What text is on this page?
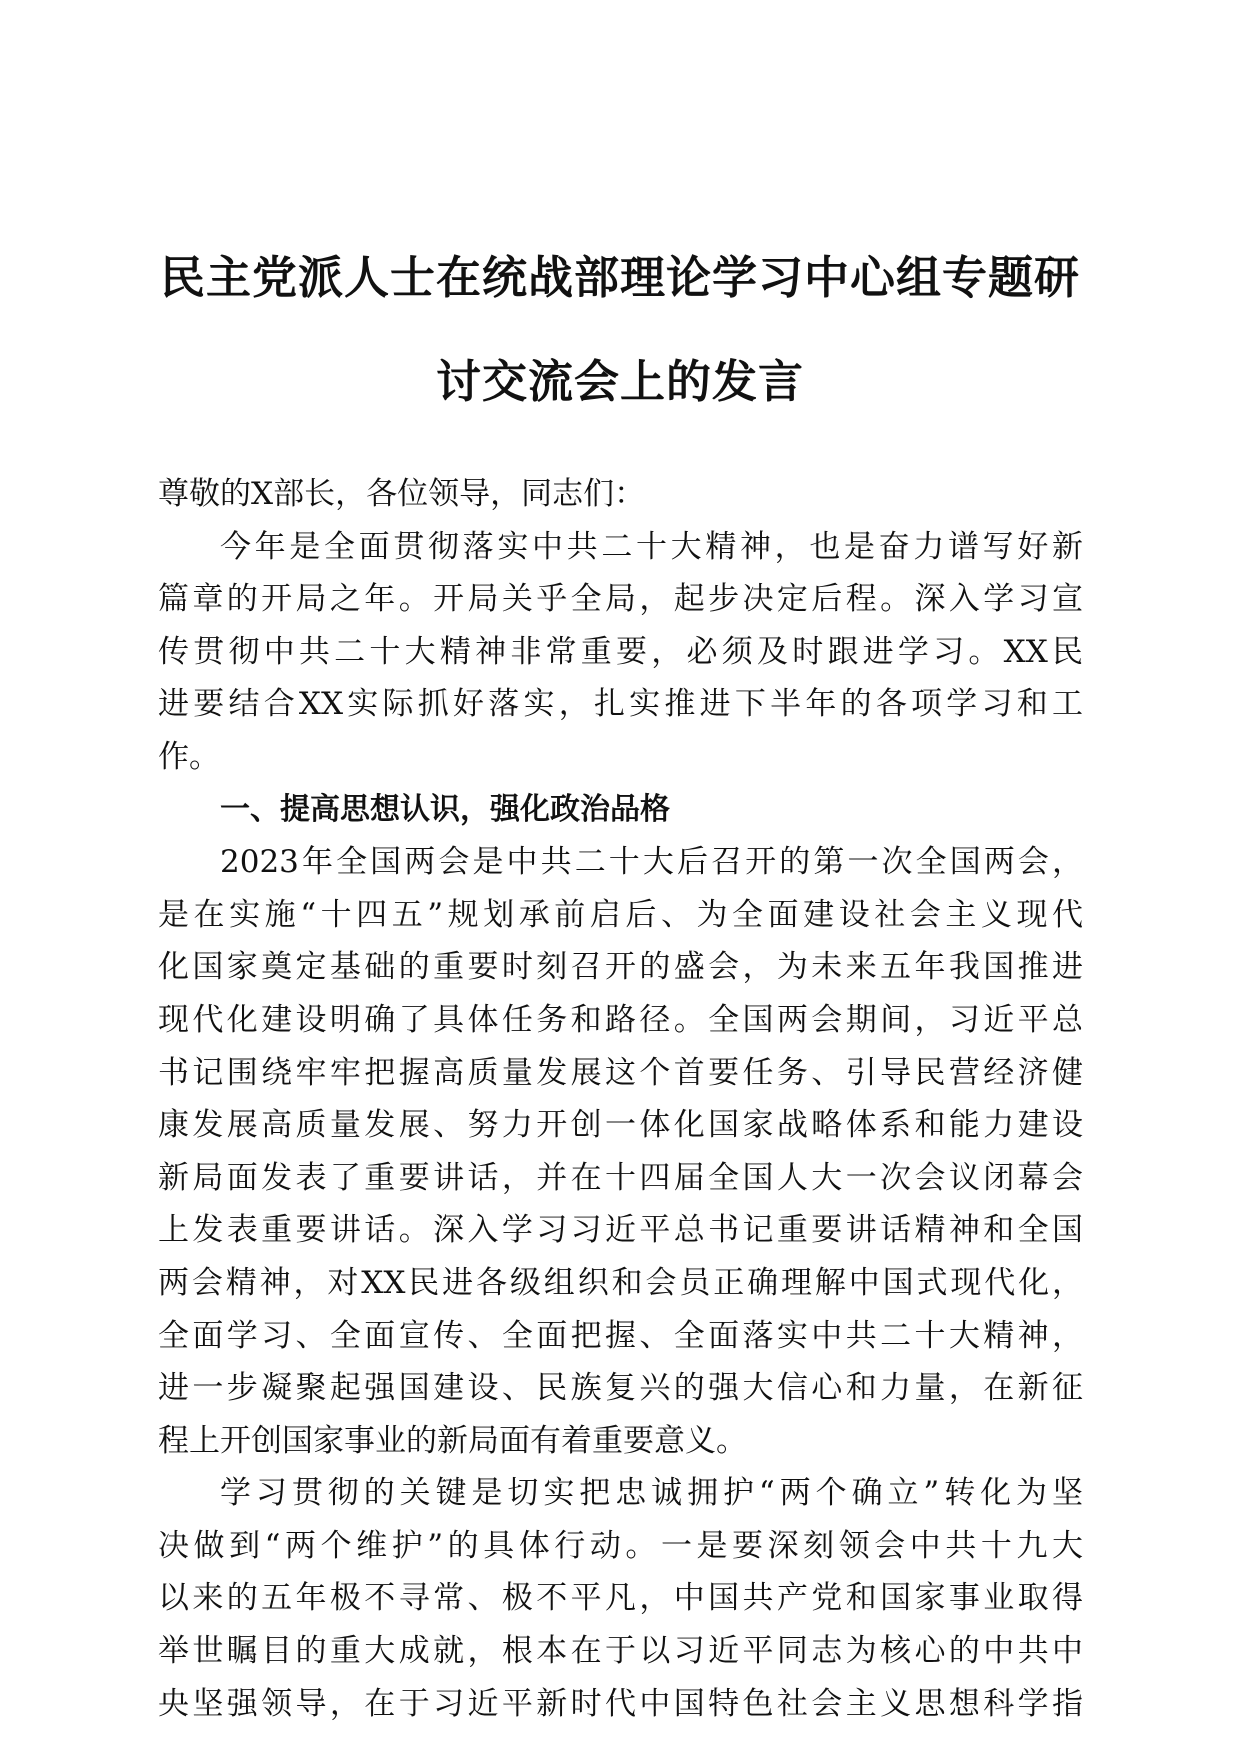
民主党派人士在统战部理论学习中心组专题研
讨交流会上的发言
尊敬的X部长，各位领导，同志们：
今年是全面贯彻落实中共二十大精神，也是奋力谱写好新
篇章的开局之年。开局关乎全局，起步决定后程。深入学习宣
传贯彻中共二十大精神非常重要，必须及时跟进学习。XX民
进要结合XX实际抓好落实，扎实推进下半年的各项学习和工
作。
一、提高思想认识，强化政治品格
2023年全国两会是中共二十大后召开的第一次全国两会，
是在实施“十四五”规划承前启后、为全面建设社会主义现代
化国家奠定基础的重要时刻召开的盛会，为未来五年我国推进
现代化建设明确了具体任务和路径。全国两会期间，习近平总
书记围绕牢牢把握高质量发展这个首要任务、引导民营经济健
康发展高质量发展、努力开创一体化国家战略体系和能力建设
新局面发表了重要讲话，并在十四届全国人大一次会议闭幕会
上发表重要讲话。深入学习习近平总书记重要讲话精神和全国
两会精神，对XX民进各级组织和会员正确理解中国式现代化，
全面学习、全面宣传、全面把握、全面落实中共二十大精神，
进一步凝聚起强国建设、民族复兴的强大信心和力量，在新征
程上开创国家事业的新局面有着重要意义。
学习贯彻的关键是切实把忠诚拥护“两个确立”转化为坚
决做到“两个维护”的具体行动。一是要深刻领会中共十九大
以来的五年极不寻常、极不平凡，中国共产党和国家事业取得
举世瞩目的重大成就，根本在于以习近平同志为核心的中共中
央坚强领导，在于习近平新时代中国特色社会主义思想科学指
